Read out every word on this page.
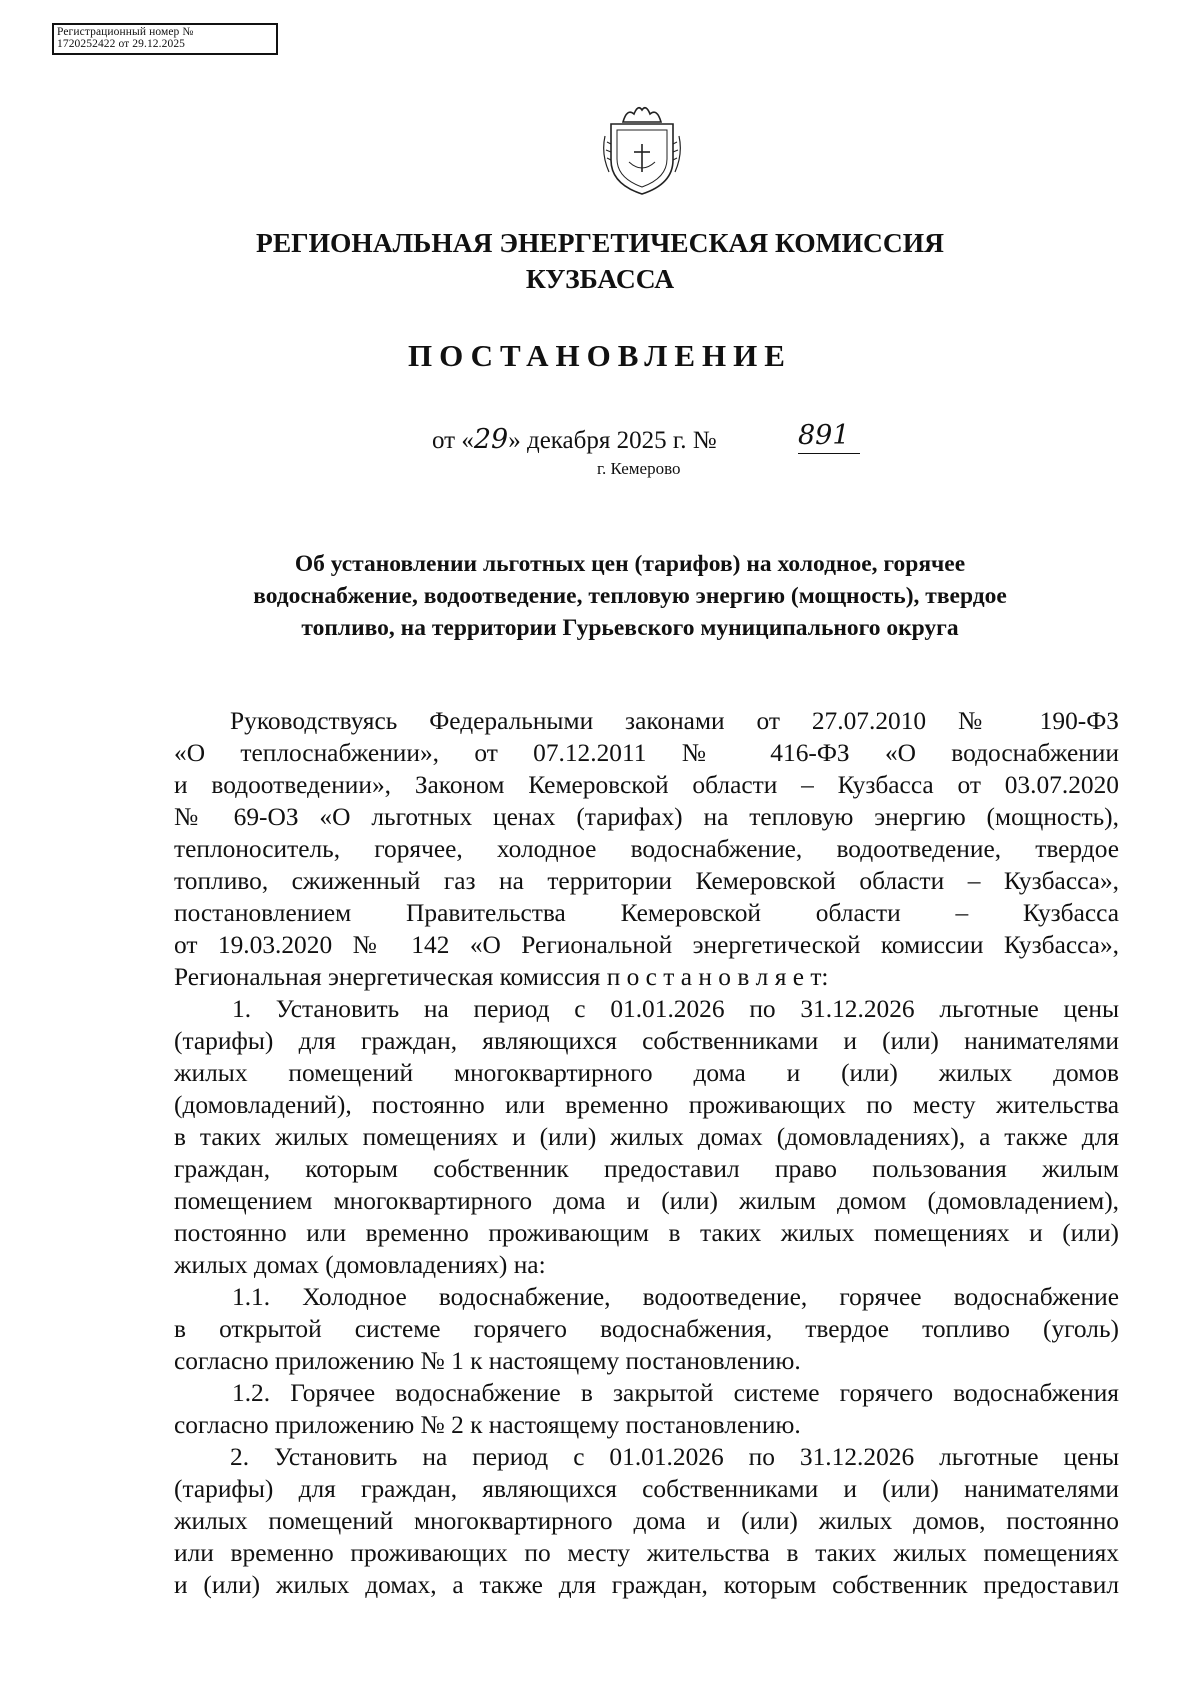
Регистрационный номер №
1720252422 от 29.12.2025
РЕГИОНАЛЬНАЯ ЭНЕРГЕТИЧЕСКАЯ КОМИССИЯ
КУЗБАССА
ПОСТАНОВЛЕНИЕ
от «29» декабря 2025 г. №	891
г. Кемерово
Об установлении льготных цен (тарифов) на холодное, горячее
водоснабжение, водоотведение, тепловую энергию (мощность), твердое
топливо, на территории Гурьевского муниципального округа
Руководствуясь Федеральными законами от 27.07.2010 № 190-ФЗ
«О теплоснабжении», от 07.12.2011 № 416-ФЗ «О водоснабжении
и водоотведении», Законом Кемеровской области – Кузбасса от 03.07.2020
№ 69-ОЗ «О льготных ценах (тарифах) на тепловую энергию (мощность),
теплоноситель, горячее, холодное водоснабжение, водоотведение, твердое
топливо, сжиженный газ на территории Кемеровской области – Кузбасса»,
постановлением Правительства Кемеровской области – Кузбасса
от 19.03.2020 № 142 «О Региональной энергетической комиссии Кузбасса»,
Региональная энергетическая комиссия п о с т а н о в л я е т:
1. Установить на период с 01.01.2026 по 31.12.2026 льготные цены
(тарифы) для граждан, являющихся собственниками и (или) нанимателями
жилых помещений многоквартирного дома и (или) жилых домов
(домовладений), постоянно или временно проживающих по месту жительства
в таких жилых помещениях и (или) жилых домах (домовладениях), а также для
граждан, которым собственник предоставил право пользования жилым
помещением многоквартирного дома и (или) жилым домом (домовладением),
постоянно или временно проживающим в таких жилых помещениях и (или)
жилых домах (домовладениях) на:
1.1. Холодное водоснабжение, водоотведение, горячее водоснабжение
в открытой системе горячего водоснабжения, твердое топливо (уголь)
согласно приложению № 1 к настоящему постановлению.
1.2. Горячее водоснабжение в закрытой системе горячего водоснабжения
согласно приложению № 2 к настоящему постановлению.
2. Установить на период с 01.01.2026 по 31.12.2026 льготные цены
(тарифы) для граждан, являющихся собственниками и (или) нанимателями
жилых помещений многоквартирного дома и (или) жилых домов, постоянно
или временно проживающих по месту жительства в таких жилых помещениях
и (или) жилых домах, а также для граждан, которым собственник предоставил
